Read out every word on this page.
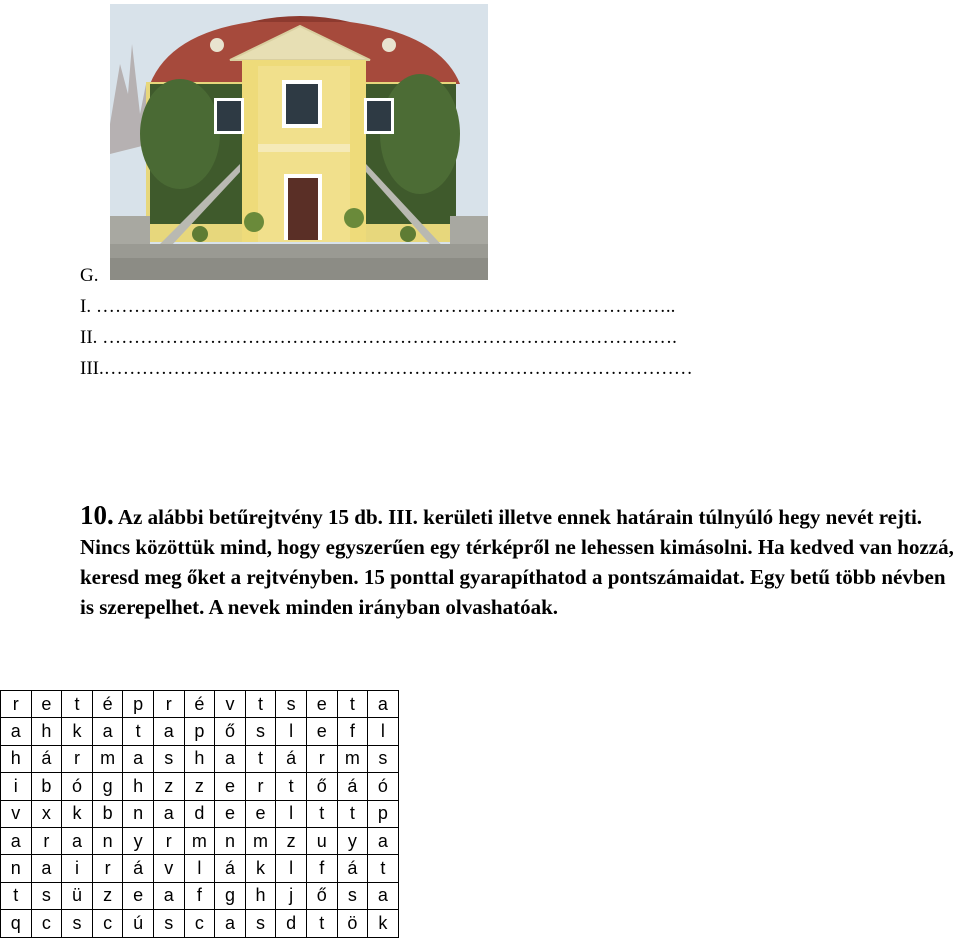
G.
I. ………………………………………………………………………………..
II. ……………………………………………………………………………….
III.…………………………………………………………………………………
10. Az alábbi betűrejtvény 15 db. III. kerületi illetve ennek határain túlnyúló hegy nevét rejti. Nincs közöttük mind, hogy egyszerűen egy térképről ne lehessen kimásolni. Ha kedved van hozzá, keresd meg őket a rejtvényben. 15 ponttal gyarapíthatod a pontszámaidat. Egy betű több névben is szerepelhet. A nevek minden irányban olvashatóak.
r	e	t	é	p	r	é	v	t	s	e	t	a
a	h	k	a	t	a	p	ő	s	l	e	f	l
h	á	r	m	a	s	h	a	t	á	r	m	s
i	b	ó	g	h	z	z	e	r	t	ő	á	ó
v	x	k	b	n	a	d	e	e	l	t	t	p
a	r	a	n	y	r	m	n	m	z	u	y	a
n	a	i	r	á	v	l	á	k	l	f	á	t
t	s	ü	z	e	a	f	g	h	j	ő	s	a
q	c	s	c	ú	s	c	a	s	d	t	ö	k
